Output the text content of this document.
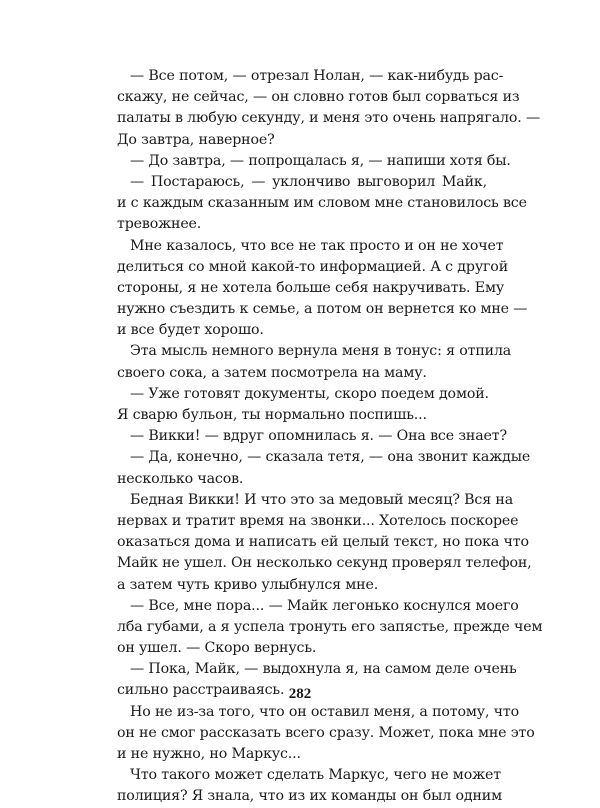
— Все потом, — отрезал Нолан, — как-нибудь рас-
скажу, не сейчас, — он словно готов был сорваться из
палаты в любую секунду, и меня это очень напрягало. —
До завтра, наверное?
— До завтра, — попрощалась я, — напиши хотя бы.
— Постараюсь, — уклончиво выговорил Майк,
и с каждым сказанным им словом мне становилось все
тревожнее.
Мне казалось, что все не так просто и он не хочет
делиться со мной какой-то информацией. А с другой
стороны, я не хотела больше себя накручивать. Ему
нужно съездить к семье, а потом он вернется ко мне —
и все будет хорошо.
Эта мысль немного вернула меня в тонус: я отпила
своего сока, а затем посмотрела на маму.
— Уже готовят документы, скоро поедем домой.
Я сварю бульон, ты нормально поспишь...
— Викки! — вдруг опомнилась я. — Она все знает?
— Да, конечно, — сказала тетя, — она звонит каждые
несколько часов.
Бедная Викки! И что это за медовый месяц? Вся на
нервах и тратит время на звонки... Хотелось поскорее
оказаться дома и написать ей целый текст, но пока что
Майк не ушел. Он несколько секунд проверял телефон,
а затем чуть криво улыбнулся мне.
— Все, мне пора... — Майк легонько коснулся моего
лба губами, а я успела тронуть его запястье, прежде чем
он ушел. — Скоро вернусь.
— Пока, Майк, — выдохнула я, на самом деле очень
сильно расстраиваясь.
Но не из-за того, что он оставил меня, а потому, что
он не смог рассказать всего сразу. Может, пока мне это
и не нужно, но Маркус...
Что такого может сделать Маркус, чего не может
полиция? Я знала, что из их команды он был одним
282
